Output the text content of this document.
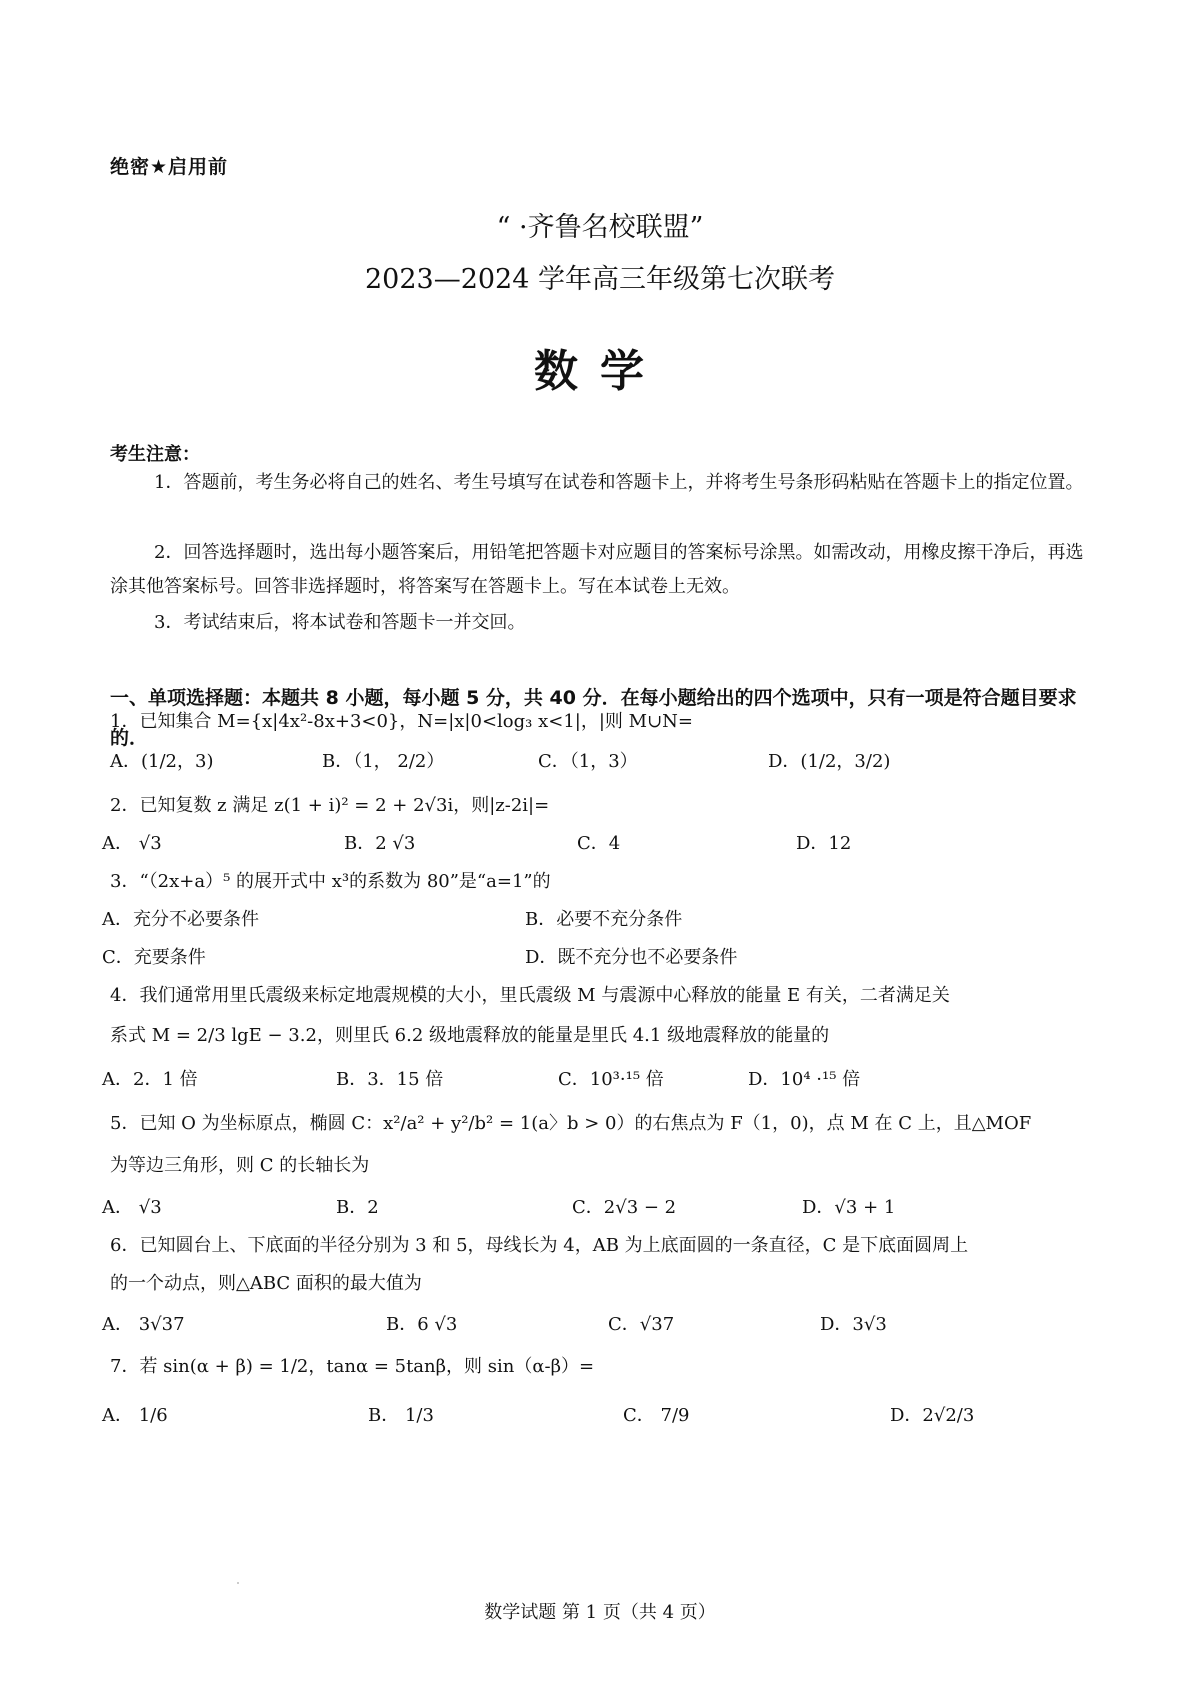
绝密★启用前
“ ·齐鲁名校联盟”
2023—2024 学年高三年级第七次联考
数学
考生注意：
1．答题前，考生务必将自己的姓名、考生号填写在试卷和答题卡上，并将考生号条形码粘贴在答题卡上的指定位置。
2．回答选择题时，选出每小题答案后，用铅笔把答题卡对应题目的答案标号涂黑。如需改动，用橡皮擦干净后，再选涂其他答案标号。回答非选择题时，将答案写在答题卡上。写在本试卷上无效。
3．考试结束后，将本试卷和答题卡一并交回。
一、单项选择题：本题共 8 小题，每小题 5 分，共 40 分．在每小题给出的四个选项中，只有一项是符合题目要求的．
1．已知集合 M={x|4x²-8x+3<0}，N=|x|0<log₃ x<1|，|则 M∪N=
A．(1/2，3)	B．（1， 2/2）	C．（1，3）	D．(1/2，3/2)
2．已知复数 z 满足 z(1 + i)² = 2 + 2√3i，则|z-2i|=
A． √3	B．2 √3	C．4	D．12
3．“（2x+a）⁵ 的展开式中 x³的系数为 80”是“a=1”的
A．充分不必要条件	B．必要不充分条件
C．充要条件	D．既不充分也不必要条件
4．我们通常用里氏震级来标定地震规模的大小，里氏震级 M 与震源中心释放的能量 E 有关，二者满足关
系式 M = 2/3 lgE − 3.2，则里氏 6.2 级地震释放的能量是里氏 4.1 级地震释放的能量的
A．2．1 倍	B．3．15 倍	C．10³·¹⁵ 倍	D．10⁴ ·¹⁵ 倍
5．已知 O 为坐标原点，椭圆 C：x²/a² + y²/b² = 1(a〉b > 0）的右焦点为 F（1，0)，点 M 在 C 上，且△MOF
为等边三角形，则 C 的长轴长为
A． √3	B．2	C．2√3 − 2	D．√3 + 1
6．已知圆台上、下底面的半径分别为 3 和 5，母线长为 4，AB 为上底面圆的一条直径，C 是下底面圆周上
的一个动点，则△ABC 面积的最大值为
A． 3√37	B．6 √3	C．√37	D．3√3
7．若 sin(α + β) = 1/2，tanα = 5tanβ，则 sin（α-β）=
A． 1/6	B． 1/3	C． 7/9	D．2√2/3
数学试题 第 1 页（共 4 页）
